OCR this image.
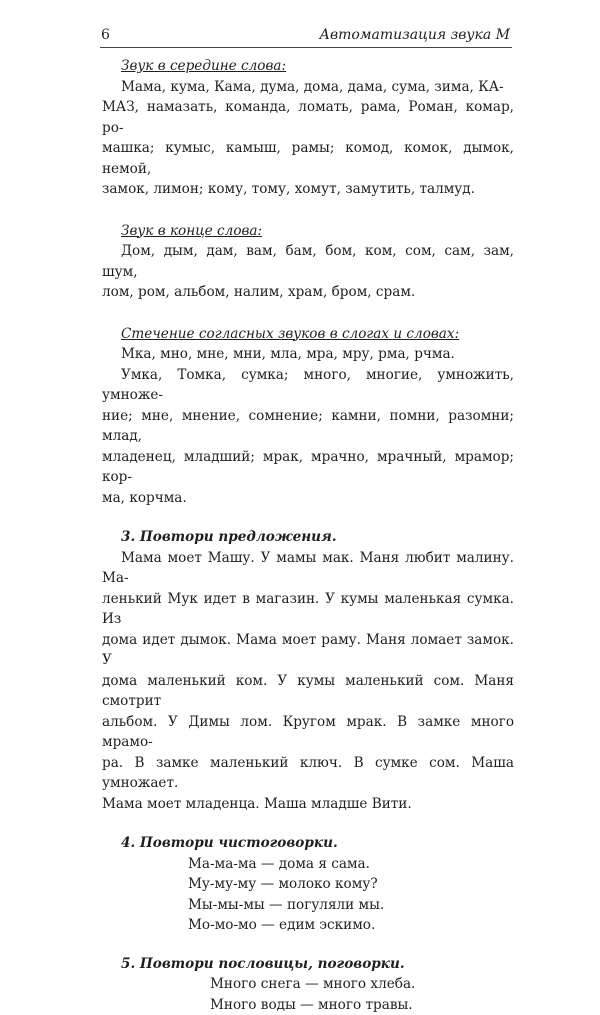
6	Автоматизация звука М

Звук в середине слова:

Мама, кума, Кама, дума, дома, дама, сума, зима, КА-

МАЗ, намазать, команда, ломать, рама, Роман, комар, ро-

машка; кумыс, камыш, рамы; комод, комок, дымок, немой,

замок, лимон; кому, тому, хомут, замутить, талмуд.

Звук в конце слова:

Дом, дым, дам, вам, бам, бом, ком, сом, сам, зам, шум,

лом, ром, альбом, налим, храм, бром, срам.

Стечение согласных звуков в слогах и словах:

Мка, мно, мне, мни, мла, мра, мру, рма, рчма.

Умка, Томка, сумка; много, многие, умножить, умноже-

ние; мне, мнение, сомнение; камни, помни, разомни; млад,

младенец, младший; мрак, мрачно, мрачный, мрамор; кор-

ма, корчма.

3. Повтори предложения.

Мама моет Машу. У мамы мак. Маня любит малину. Ма-

ленький Мук идет в магазин. У кумы маленькая сумка. Из

дома идет дымок. Мама моет раму. Маня ломает замок. У

дома маленький ком. У кумы маленький сом. Маня смотрит

альбом. У Димы лом. Кругом мрак. В замке много мрамо-

ра. В замке маленький ключ. В сумке сом. Маша умножает.

Мама моет младенца. Маша младше Вити.

4. Повтори чистоговорки.

Ма-ма-ма — дома я сама.

Му-му-му — молоко кому?

Мы-мы-мы — погуляли мы.

Мо-мо-мо — едим эскимо.

5. Повтори пословицы, поговорки.

Много снега — много хлеба.

Много воды — много травы.
